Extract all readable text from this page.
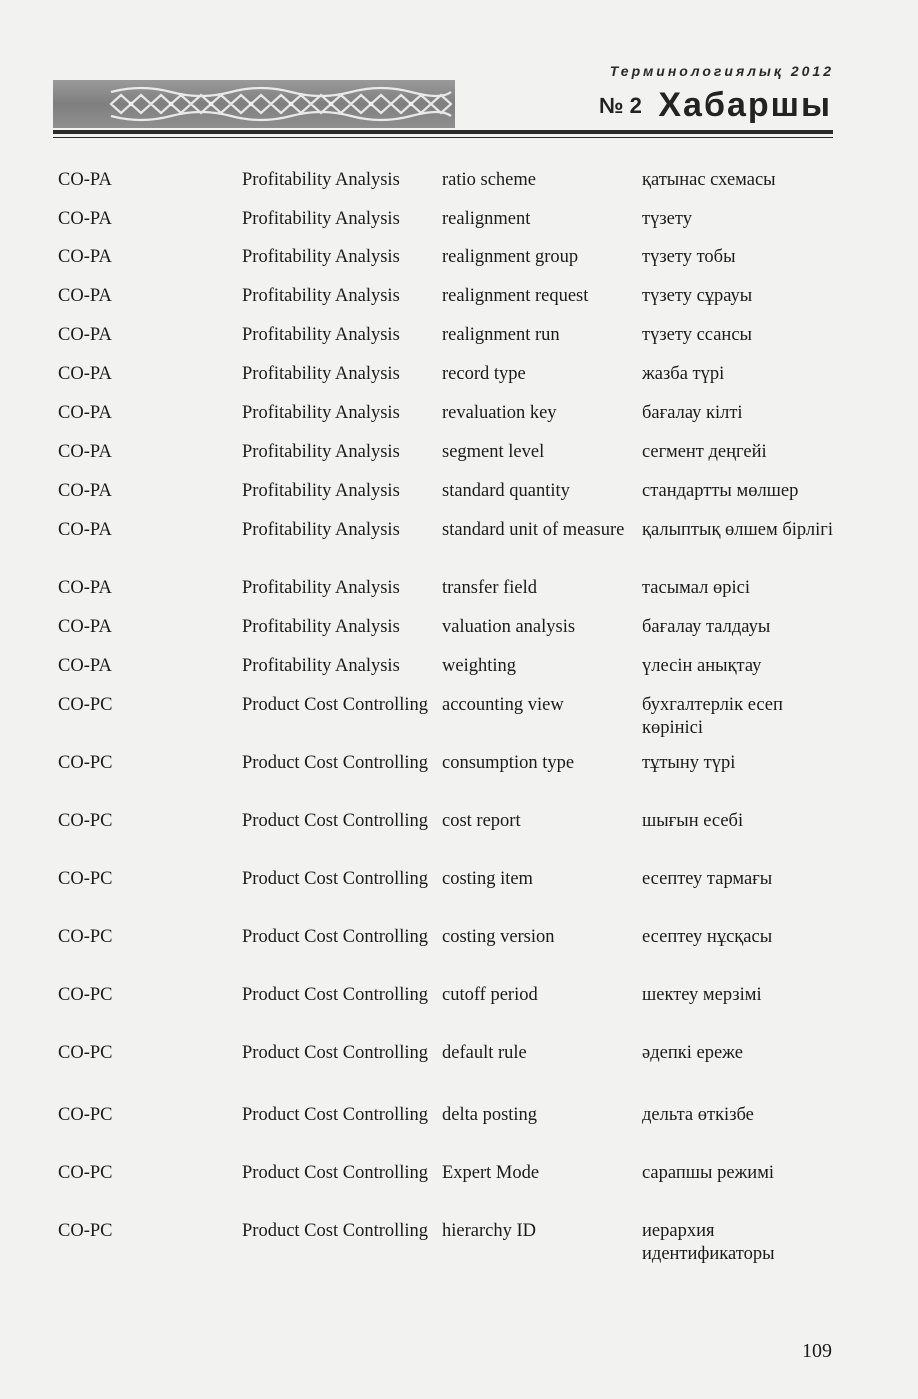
Терминологиялық 2012
№ 2 Хабаршы
CO-PA	Profitability Analysis	ratio scheme	қатынас схемасы
CO-PA	Profitability Analysis	realignment	түзету
CO-PA	Profitability Analysis	realignment group	түзету тобы
CO-PA	Profitability Analysis	realignment request	түзету сұрауы
CO-PA	Profitability Analysis	realignment run	түзету ссансы
CO-PA	Profitability Analysis	record type	жазба түрі
CO-PA	Profitability Analysis	revaluation key	бағалау кілті
CO-PA	Profitability Analysis	segment level	сегмент деңгейі
CO-PA	Profitability Analysis	standard quantity	стандартты мөлшер
CO-PA	Profitability Analysis	standard unit of measure	қалыптық өлшем бірлігі
CO-PA	Profitability Analysis	transfer field	тасымал өрісі
CO-PA	Profitability Analysis	valuation analysis	бағалау талдауы
CO-PA	Profitability Analysis	weighting	үлесін анықтау
CO-PC	Product Cost Controlling	accounting view	бухгалтерлік есеп көрінісі
CO-PC	Product Cost Controlling	consumption type	тұтыну түрі
CO-PC	Product Cost Controlling	cost report	шығын есебі
CO-PC	Product Cost Controlling	costing item	есептеу тармағы
CO-PC	Product Cost Controlling	costing version	есептеу нұсқасы
CO-PC	Product Cost Controlling	cutoff period	шектеу мерзімі
CO-PC	Product Cost Controlling	default rule	әдепкі ереже
CO-PC	Product Cost Controlling	delta posting	дельта өткізбе
CO-PC	Product Cost Controlling	Expert Mode	сарапшы режимі
CO-PC	Product Cost Controlling	hierarchy ID	иерархия идентификаторы
109
